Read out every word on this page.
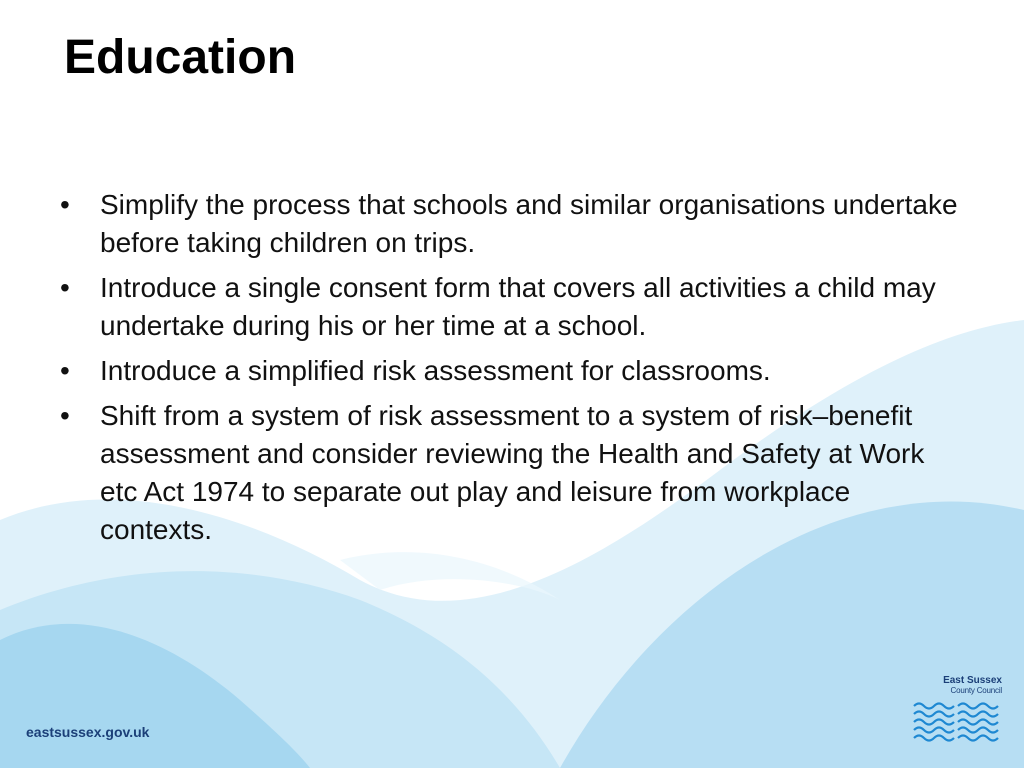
Education
• Simplify the process that schools and similar organisations undertake before taking children on trips.
• Introduce a single consent form that covers all activities a child may undertake during his or her time at a school.
• Introduce a simplified risk assessment for classrooms.
• Shift from a system of risk assessment to a system of risk–benefit assessment and consider reviewing the Health and Safety at Work etc Act 1974 to separate out play and leisure from workplace contexts.
eastsussex.gov.uk
East Sussex
County Council
